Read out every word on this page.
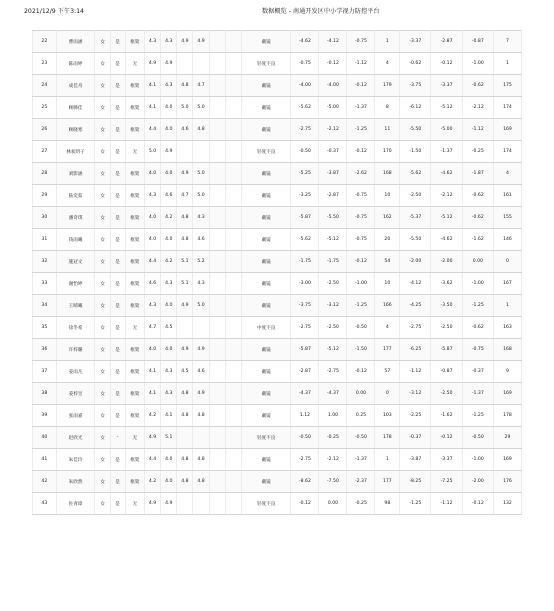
2021/12/9 下午3:14	数据概览 - 南通开发区中小学视力防控平台
22	曹雨涵	女	是	框架	4.3	4.3	4.9	4.9			戴镜	-4.62	-4.12	-0.75	1	-3.37	-2.87	-0.87	7
23	陈雨婷	女	是	无	4.9	4.9					轻度不良	-0.75	-0.12	-1.12	4	-0.62	-0.12	-1.00	1
24	成佳舟	女	是	框架	4.1	4.3	4.8	4.7			戴镜	-4.00	-4.00	-0.12	179	-3.75	-3.37	-0.62	175
25	顾腾佳	女	是	框架	4.1	4.0	5.0	5.0			戴镜	-5.62	-5.00	-1.37	8	-6.12	-5.12	-2.12	174
26	顾晓寒	女	是	框架	4.4	4.0	4.6	4.8			戴镜	-2.75	-2.12	-1.25	11	-5.50	-5.00	-1.12	169
27	林昶玥子	女	是	无	5.0	4.9					轻度不良	-0.50	-0.37	-0.12	170	-1.50	-1.37	-0.25	174
28	刘影涵	女	是	框架	4.0	4.0	4.9	5.0			戴镜	-5.25	-3.87	-2.62	168	-5.62	-4.62	-1.87	4
29	陆奕茹	女	是	框架	4.3	4.6	4.7	5.0			戴镜	-3.25	-2.87	-0.75	10	-2.50	-2.12	-0.62	161
30	潘奇琪	女	是	框架	4.0	4.2	4.8	4.3			戴镜	-5.87	-5.50	-0.75	162	-5.37	-5.12	-0.62	155
31	钱雨曦	女	是	框架	4.0	4.0	4.8	4.6			戴镜	-5.62	-5.12	-0.75	20	-5.50	-4.62	-1.62	146
32	施冠文	女	是	框架	4.4	4.2	5.1	5.2			戴镜	-1.75	-1.75	-0.12	54	-2.00	-2.00	0.00	0
33	谢怡婷	女	是	框架	4.6	4.3	5.1	4.3			戴镜	-3.00	-2.50	-1.00	10	-4.12	-3.62	-1.00	167
34	王晴曦	女	是	框架	4.3	4.0	4.9	5.0			戴镜	-3.75	-3.12	-1.25	166	-4.25	-3.50	-1.25	1
35	徐冬希	女	是	无	4.7	4.5					中度不良	-2.75	-2.50	-0.50	4	-2.75	-2.50	-0.62	163
36	许梓璐	女	是	框架	4.0	4.0	4.9	4.9			戴镜	-5.87	-5.12	-1.50	177	-6.25	-5.87	-0.75	168
37	姜雨凡	女	是	框架	4.1	4.3	4.5	4.6			戴镜	-2.87	-2.75	-0.12	57	-1.12	-0.87	-0.37	9
38	姜梓昱	女	是	框架	4.1	4.3	4.8	4.9			戴镜	-4.37	-4.37	0.00	0	-3.12	-2.50	-1.37	169
39	张雨嘉	女	是	框架	4.2	4.1	4.8	4.8			戴镜	1.12	1.00	0.25	103	-2.25	-1.62	-1.25	178
40	赵欣光	女	-	无	4.9	5.1					轻度不良	-0.50	-0.25	-0.50	178	-0.37	-0.12	-0.50	29
41	朱佳玲	女	是	框架	4.4	4.0	4.8	4.8			戴镜	-2.75	-2.12	-1.37	1	-3.87	-3.37	-1.00	169
42	朱欣然	女	是	框架	4.2	4.0	4.8	4.8			戴镜	-8.62	-7.50	-2.37	177	-8.25	-7.25	-2.00	176
43	佐青璋	女	是	无	4.9	4.9					轻度不良	-0.12	0.00	-0.25	98	-1.25	-1.12	-0.12	132
